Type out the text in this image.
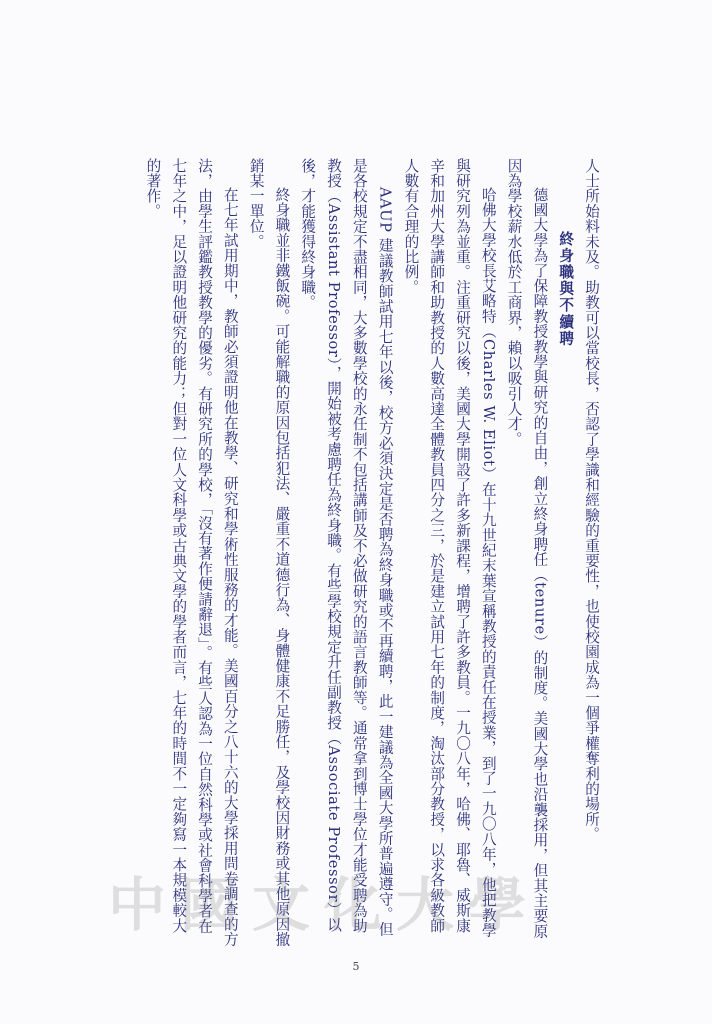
人士所始料未及。助教可以當校長，否認了學識和經驗的重要性，也使校園成為一個爭權奪利的場所。

終身職與不續聘

德國大學為了保障教授教學與研究的自由，創立終身聘任（tenure）的制度。美國大學也沿襲採用，但其主要原因為學校薪水低於工商界，賴以吸引人才。

哈佛大學校長艾略特（Charles W. Eliot）在十九世紀末葉宣稱教授的責任在授業，到了一九〇八年，他把教學與研究列為並重。注重研究以後，美國大學開設了許多新課程，增聘了許多教員。一九〇八年，哈佛、耶魯、威斯康辛和加州大學講師和助教授的人數高達全體教員四分之三，於是建立試用七年的制度，淘汰部分教授，以求各級教師人數有合理的比例。

AAUP 建議教師試用七年以後，校方必須決定是否聘為終身職或不再續聘，此一建議為全國大學所普遍遵守。但是各校規定不盡相同，大多數學校的永任制不包括講師及不必做研究的語言教師等。通常拿到博士學位才能受聘為助教授（Assistant Professor），開始被考慮聘任為終身職。有些學校規定升任副教授（Associate Professor）以後，才能獲得終身職。

終身職並非鐵飯碗。可能解職的原因包括犯法、嚴重不道德行為、身體健康不足勝任，及學校因財務或其他原因撤銷某一單位。

在七年試用期中，教師必須證明他在教學、研究和學術性服務的才能。美國百分之八十六的大學採用問卷調查的方法，由學生評鑑教授教學的優劣。有研究所的學校，「沒有著作便請辭退」。有些人認為一位自然科學或社會科學者在七年之中，足以證明他研究的能力；但對一位人文科學或古典文學的學者而言，七年的時間不一定夠寫一本規模較大的著作。

中國文化大學
5
